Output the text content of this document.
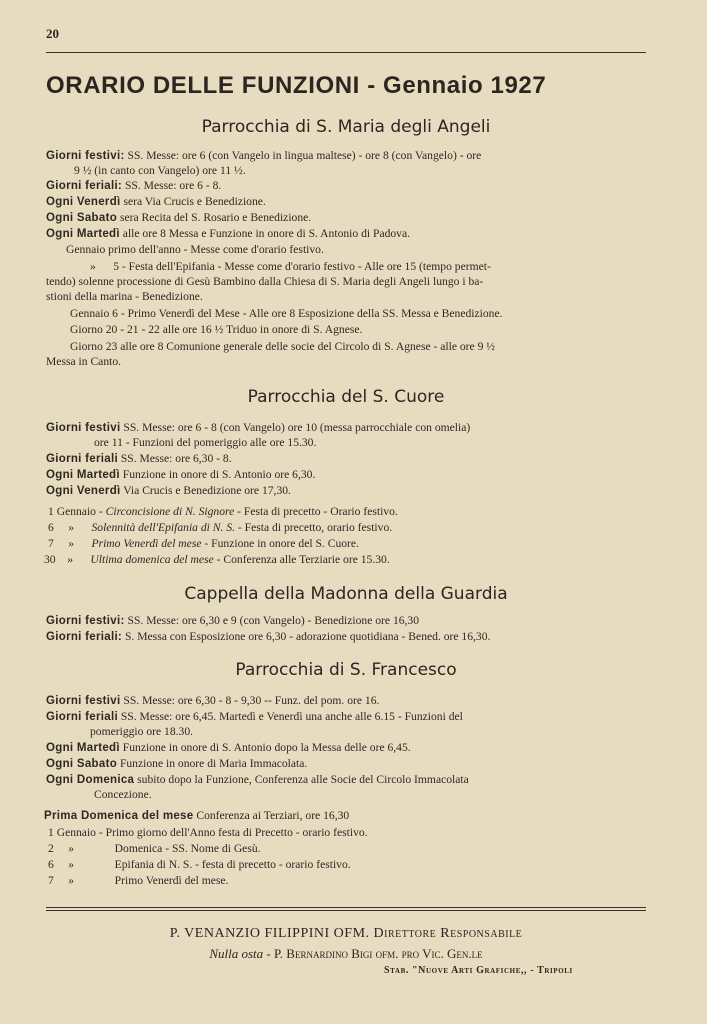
20
ORARIO DELLE FUNZIONI - Gennaio 1927
Parrocchia di S. Maria degli Angeli
Giorni festivi: SS. Messe: ore 6 (con Vangelo in lingua maltese) - ore 8 (con Vangelo) - ore
9 ½ (in canto con Vangelo) ore 11 ½.
Giorni feriali: SS. Messe: ore 6 - 8.
Ogni Venerdì sera Via Crucis e Benedizione.
Ogni Sabato sera Recita del S. Rosario e Benedizione.
Ogni Martedì alle ore 8 Messa e Funzione in onore di S. Antonio di Padova.
Gennaio primo dell'anno - Messe come d'orario festivo.
»      5 - Festa dell'Epifania - Messe come d'orario festivo - Alle ore 15 (tempo permet-
tendo) solenne processione di Gesù Bambino dalla Chiesa di S. Maria degli Angeli lungo i ba-
stioni della marina - Benedizione.
Gennaio 6 - Primo Venerdì del Mese - Alle ore 8 Esposizione della SS. Messa e Benedizione.
Giorno 20 - 21 - 22 alle ore 16 ½ Triduo in onore di S. Agnese.
Giorno 23 alle ore 8 Comunione generale delle socie del Circolo di S. Agnese - alle ore 9 ½
Messa in Canto.
Parrocchia del S. Cuore
Giorni festivi SS. Messe: ore 6 - 8 (con Vangelo) ore 10 (messa parrocchiale con omelia)
ore 11 - Funzioni del pomeriggio alle ore 15.30.
Giorni feriali SS. Messe: ore 6,30 - 8.
Ogni Martedì Funzione in onore di S. Antonio ore 6,30.
Ogni Venerdì Via Crucis e Benedizione ore 17,30.
1 Gennaio - Circoncisione di N. Signore - Festa di precetto - Orario festivo.
6     » Solennità dell'Epifania di N. S. - Festa di precetto, orario festivo.
7     » Primo Venerdì del mese - Funzione in onore del S. Cuore.
30    » Ultima domenica del mese - Conferenza alle Terziarie ore 15.30.
Cappella della Madonna della Guardia
Giorni festivi: SS. Messe: ore 6,30 e 9 (con Vangelo) - Benedizione ore 16,30
Giorni feriali: S. Messa con Esposizione ore 6,30 - adorazione quotidiana - Bened. ore 16,30.
Parrocchia di S. Francesco
Giorni festivi SS. Messe: ore 6,30 - 8 - 9,30 -- Funz. del pom. ore 16.
Giorni feriali SS. Messe: ore 6,45. Martedì e Venerdì una anche alle 6.15 - Funzioni del
pomeriggio ore 18.30.
Ogni Martedì Funzione in onore di S. Antonio dopo la Messa delle ore 6,45.
Ogni Sabato Funzione in onore di Maria Immacolata.
Ogni Domenica subito dopo la Funzione, Conferenza alle Socie del Circolo Immacolata
Concezione.
Prima Domenica del mese Conferenza ai Terziari, ore 16,30
1 Gennaio - Primo giorno dell'Anno festa di Precetto - orario festivo.
2     »	Domenica - SS. Nome di Gesù.
6     »	Epifania di N. S. - festa di precetto - orario festivo.
7     »	Primo Venerdì del mese.
P. VENANZIO FILIPPINI OFM. Direttore Responsabile
Nulla osta - P. Bernardino Bigi ofm. pro Vic. Gen.le
Stab. "Nuove Arti Grafiche,, - Tripoli
